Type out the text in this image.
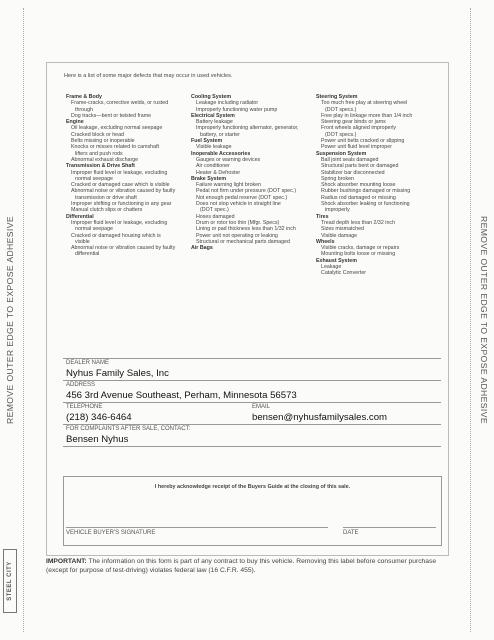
REMOVE OUTER EDGE TO EXPOSE ADHESIVE	REMOVE OUTER EDGE TO EXPOSE ADHESIVE
Here is a list of some major defects that may occur in used vehicles.
Frame & Body
Frame-cracks, corrective welds, or rusted
through
Dog tracks—bent or twisted frame
Engine
Oil leakage, excluding normal seepage
Cracked block or head
Belts missing or inoperable
Knocks or misses related to camshaft
lifters and push rods
Abnormal exhaust discharge
Transmission & Drive Shaft
Improper fluid level or leakage, excluding
normal seepage
Cracked or damaged case which is visible
Abnormal noise or vibration caused by faulty
transmission or drive shaft
Improper shifting or functioning in any gear
Manual clutch slips or chatters
Differential
Improper fluid level or leakage, excluding
normal seepage
Cracked or damaged housing which is
visible
Abnormal noise or vibration caused by faulty
differential
Cooling System
Leakage including radiator
Improperly functioning water pump
Electrical System
Battery leakage
Improperly functioning alternator, generator,
battery, or starter
Fuel System
Visible leakage
Inoperable Accessories
Gauges or warning devices
Air conditioner
Heater & Defroster
Brake System
Failure warning light broken
Pedal not firm under pressure (DOT spec.)
Not enough pedal reserve (DOT spec.)
Does not stop vehicle in straight line
(DOT spec.)
Hoses damaged
Drum or rotor too thin (Mfgr. Specs)
Lining or pad thickness less than 1/32 inch
Power unit not operating or leaking
Structural or mechanical parts damaged
Air Bags
Steering System
Too much free play at steering wheel
(DOT specs.)
Free play in linkage more than 1/4 inch
Steering gear binds or jams
Front wheels aligned improperly
(DOT specs.)
Power unit belts cracked or slipping
Power unit fluid level improper
Suspension System
Ball joint seals damaged
Structural parts bent or damaged
Stabilizer bar disconnected
Spring broken
Shock absorber mounting loose
Rubber bushings damaged or missing
Radius rod damaged or missing
Shock absorber leaking or functioning
improperly
Tires
Tread depth less than 2/32 inch
Sizes mismatched
Visible damage
Wheels
Visible cracks, damage or repairs
Mounting bolts loose or missing
Exhaust System
Leakage
Catalytic Converter
DEALER NAME
Nyhus Family Sales, Inc
ADDRESS
456 3rd Avenue Southeast, Perham, Minnesota 56573
TELEPHONE	EMAIL
(218) 346-6464	bensen@nyhusfamilysales.com
FOR COMPLAINTS AFTER SALE, CONTACT:
Bensen Nyhus
I hereby acknowledge receipt of the Buyers Guide at the closing of this sale.
VEHICLE BUYER'S SIGNATURE	DATE
IMPORTANT: The information on this form is part of any contract to buy this vehicle. Removing this label before consumer purchase (except for purpose of test-driving) violates federal law (16 C.F.R. 455).
STEEL CITY
